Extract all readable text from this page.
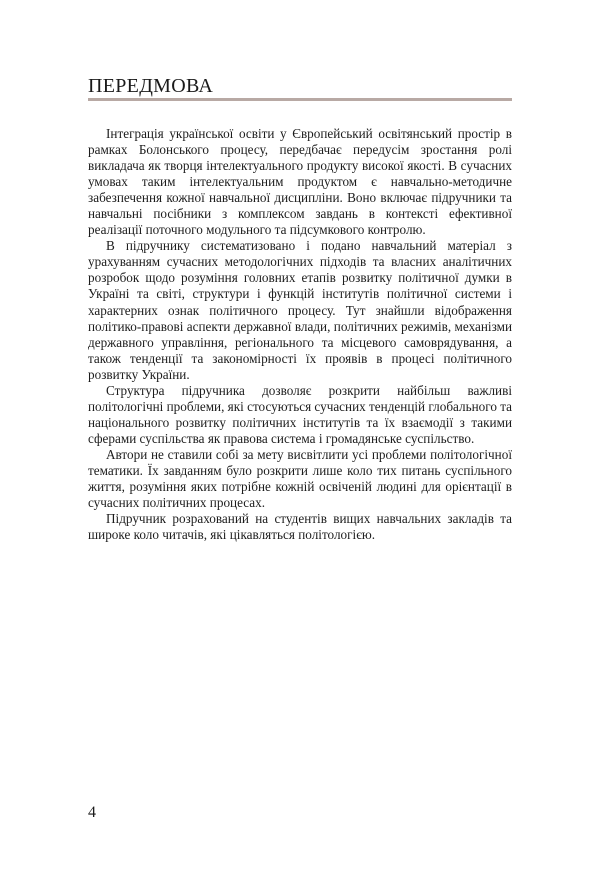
ПЕРЕДМОВА

Інтеграція української освіти у Європейський освітянський простір в рамках Болонського процесу, передбачає передусім зростання ролі викладача як творця інтелектуального продукту високої якості. В сучасних умовах таким інтелектуальним продуктом є навчально-методичне забезпечення кожної навчальної дисципліни. Воно включає підручники та навчальні посібники з комплексом завдань в контексті ефективної реалізації поточного модульного та підсумкового контролю.

В підручнику систематизовано і подано навчальний матеріал з урахуванням сучасних методологічних підходів та власних аналітичних розробок щодо розуміння головних етапів розвитку політичної думки в Україні та світі, структури і функцій інститутів політичної системи і характерних ознак політичного процесу. Тут знайшли відображення політико-правові аспекти державної влади, політичних режимів, механізми державного управління, регіонального та місцевого самоврядування, а також тенденції та закономірності їх проявів в процесі політичного розвитку України.

Структура підручника дозволяє розкрити найбільш важливі політологічні проблеми, які стосуються сучасних тенденцій глобального та національного розвитку політичних інститутів та їх взаємодії з такими сферами суспільства як правова система і громадянське суспільство.

Автори не ставили собі за мету висвітлити усі проблеми політологічної тематики. Їх завданням було розкрити лише коло тих питань суспільного життя, розуміння яких потрібне кожній освіченій людині для орієнтації в сучасних політичних процесах.

Підручник розрахований на студентів вищих навчальних закладів та широке коло читачів, які цікавляться політологією.

4
